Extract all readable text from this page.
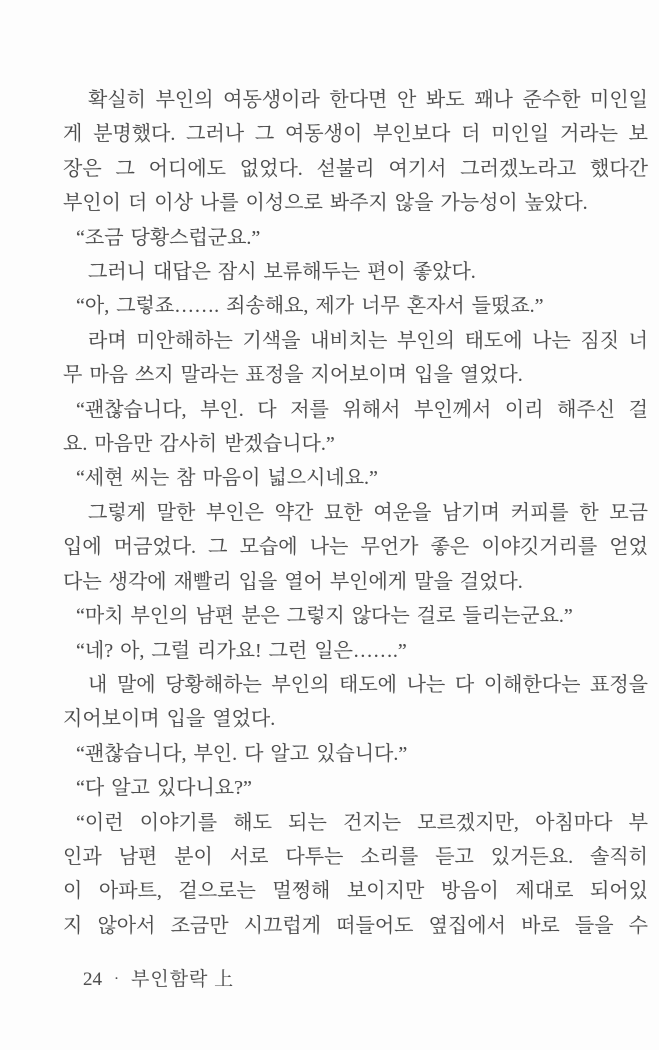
확실히 부인의 여동생이라 한다면 안 봐도 꽤나 준수한 미인일
게 분명했다. 그러나 그 여동생이 부인보다 더 미인일 거라는 보
장은 그 어디에도 없었다. 섣불리 여기서 그러겠노라고 했다간
부인이 더 이상 나를 이성으로 봐주지 않을 가능성이 높았다.
“조금 당황스럽군요.”
그러니 대답은 잠시 보류해두는 편이 좋았다.
“아, 그렇죠……. 죄송해요, 제가 너무 혼자서 들떴죠.”
라며 미안해하는 기색을 내비치는 부인의 태도에 나는 짐짓 너
무 마음 쓰지 말라는 표정을 지어보이며 입을 열었다.
“괜찮습니다, 부인. 다 저를 위해서 부인께서 이리 해주신 걸
요. 마음만 감사히 받겠습니다.”
“세현 씨는 참 마음이 넓으시네요.”
그렇게 말한 부인은 약간 묘한 여운을 남기며 커피를 한 모금
입에 머금었다. 그 모습에 나는 무언가 좋은 이야깃거리를 얻었
다는 생각에 재빨리 입을 열어 부인에게 말을 걸었다.
“마치 부인의 남편 분은 그렇지 않다는 걸로 들리는군요.”
“네? 아, 그럴 리가요! 그런 일은…….”
내 말에 당황해하는 부인의 태도에 나는 다 이해한다는 표정을
지어보이며 입을 열었다.
“괜찮습니다, 부인. 다 알고 있습니다.”
“다 알고 있다니요?”
“이런 이야기를 해도 되는 건지는 모르겠지만, 아침마다 부
인과 남편 분이 서로 다투는 소리를 듣고 있거든요. 솔직히
이 아파트, 겉으로는 멀쩡해 보이지만 방음이 제대로 되어있
지 않아서 조금만 시끄럽게 떠들어도 옆집에서 바로 들을 수
24 · 부인함락 上
